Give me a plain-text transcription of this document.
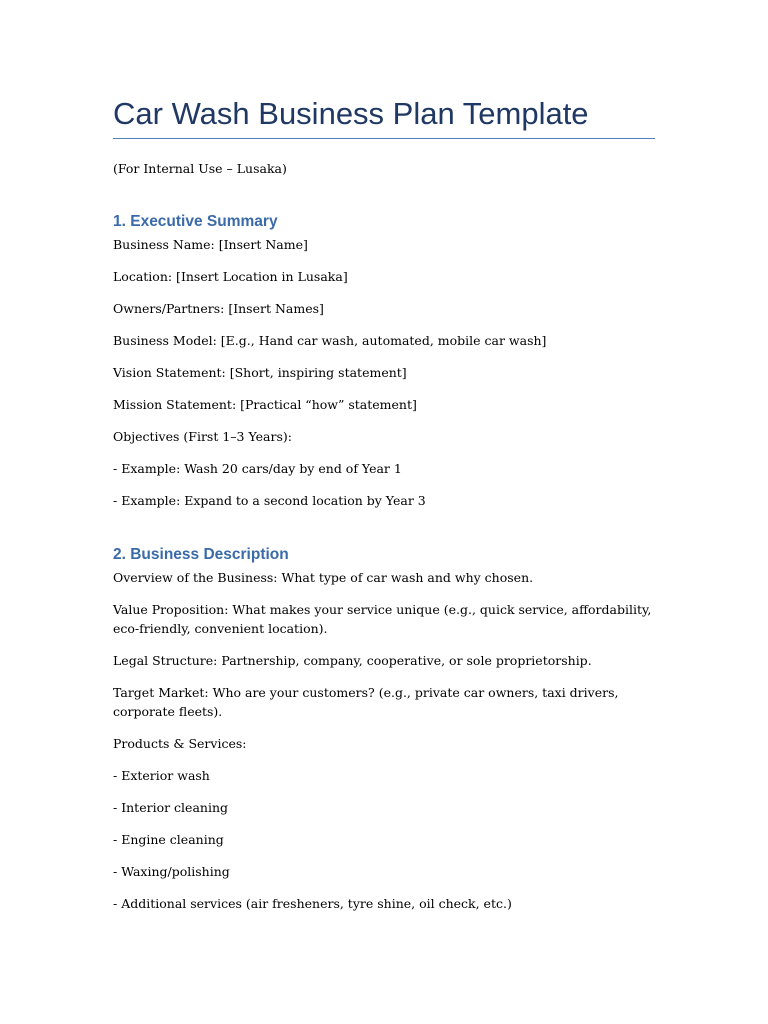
Car Wash Business Plan Template

(For Internal Use – Lusaka)

1. Executive Summary

Business Name: [Insert Name]

Location: [Insert Location in Lusaka]

Owners/Partners: [Insert Names]

Business Model: [E.g., Hand car wash, automated, mobile car wash]

Vision Statement: [Short, inspiring statement]

Mission Statement: [Practical “how” statement]

Objectives (First 1–3 Years):

- Example: Wash 20 cars/day by end of Year 1

- Example: Expand to a second location by Year 3

2. Business Description

Overview of the Business: What type of car wash and why chosen.

Value Proposition: What makes your service unique (e.g., quick service, affordability, eco-friendly, convenient location).

Legal Structure: Partnership, company, cooperative, or sole proprietorship.

Target Market: Who are your customers? (e.g., private car owners, taxi drivers, corporate fleets).

Products & Services:

- Exterior wash

- Interior cleaning

- Engine cleaning

- Waxing/polishing

- Additional services (air fresheners, tyre shine, oil check, etc.)
